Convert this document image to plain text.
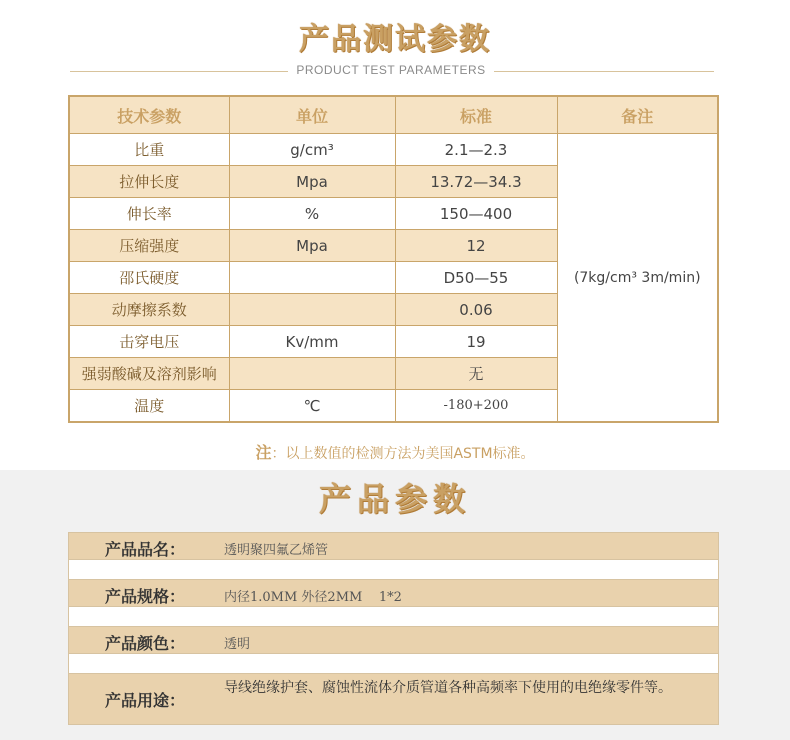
产品测试参数
PRODUCT TEST PARAMETERS
技术参数	单位	标准	备注
比重	g/cm³	2.1—2.3	(7kg/cm³ 3m/min)
拉伸长度	Mpa	13.72—34.3	
伸长率	%	150—400	
压缩强度	Mpa	12	
邵氏硬度		D50—55	
动摩擦系数		0.06	
击穿电压	Kv/mm	19	
强弱酸碱及溶剂影响		无	
温度	℃	-180+200	
注：以上数值的检测方法为美国ASTM标准。
产品参数
产品品名：	透明聚四氟乙烯管
产品规格：	内径1.0MM 外径2MM    1*2
产品颜色：	透明
产品用途：
导线绝缘护套、腐蚀性流体介质管道各种高频率下使用的电绝缘零件等。
